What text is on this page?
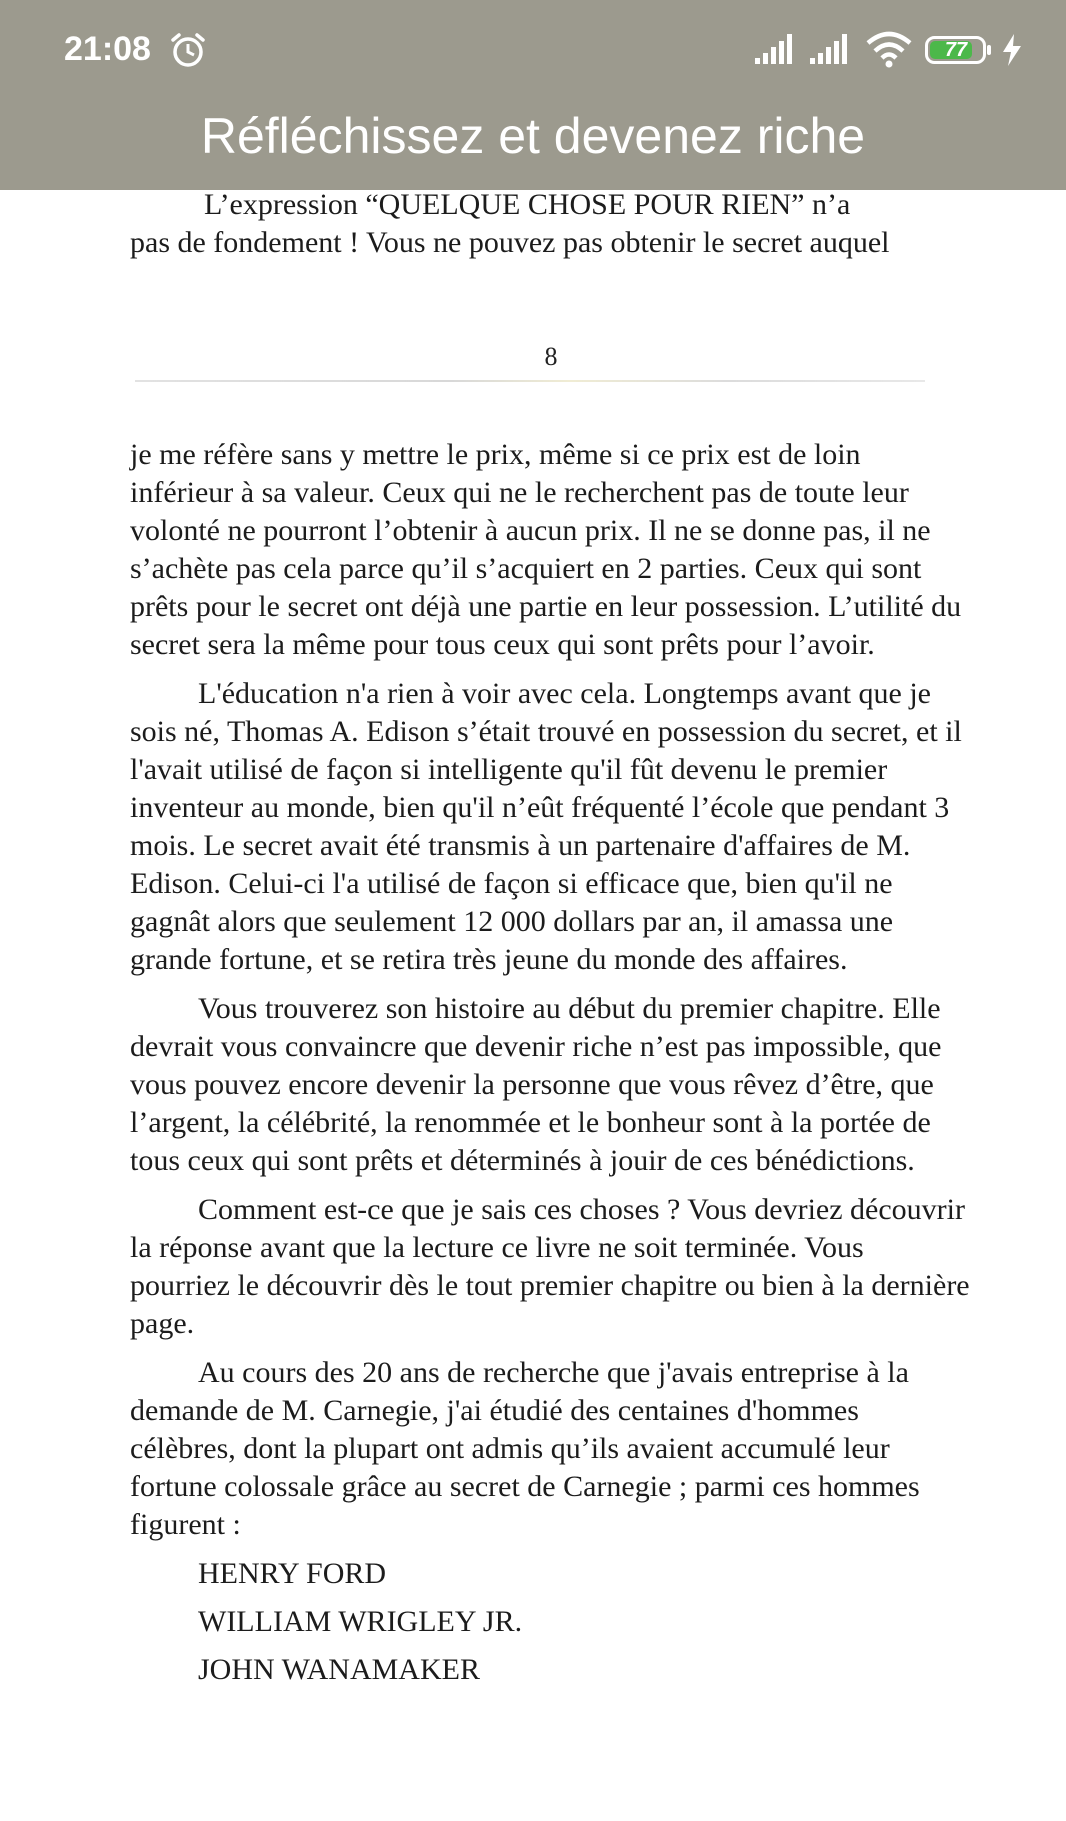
21:08	77
Réfléchissez et devenez riche
L’expression “QUELQUE CHOSE POUR RIEN” n’a
pas de fondement ! Vous ne pouvez pas obtenir le secret auquel
8

je me réfère sans y mettre le prix, même si ce prix est de loin inférieur à sa valeur. Ceux qui ne le recherchent pas de toute leur volonté ne pourront l’obtenir à aucun prix. Il ne se donne pas, il ne s’achète pas cela parce qu’il s’acquiert en 2 parties. Ceux qui sont prêts pour le secret ont déjà une partie en leur possession. L’utilité du secret sera la même pour tous ceux qui sont prêts pour l’avoir.

L'éducation n'a rien à voir avec cela. Longtemps avant que je sois né, Thomas A. Edison s’était trouvé en possession du secret, et il l'avait utilisé de façon si intelligente qu'il fût devenu le premier inventeur au monde, bien qu'il n’eût fréquenté l’école que pendant 3 mois. Le secret avait été transmis à un partenaire d'affaires de M. Edison. Celui-ci l'a utilisé de façon si efficace que, bien qu'il ne gagnât alors que seulement 12 000 dollars par an, il amassa une grande fortune, et se retira très jeune du monde des affaires.

Vous trouverez son histoire au début du premier chapitre. Elle devrait vous convaincre que devenir riche n’est pas impossible, que vous pouvez encore devenir la personne que vous rêvez d’être, que l’argent, la célébrité, la renommée et le bonheur sont à la portée de tous ceux qui sont prêts et déterminés à jouir de ces bénédictions.

Comment est-ce que je sais ces choses ? Vous devriez découvrir la réponse avant que la lecture ce livre ne soit terminée. Vous pourriez le découvrir dès le tout premier chapitre ou bien à la dernière page.

Au cours des 20 ans de recherche que j'avais entreprise à la demande de M. Carnegie, j'ai étudié des centaines d'hommes célèbres, dont la plupart ont admis qu’ils avaient accumulé leur fortune colossale grâce au secret de Carnegie ; parmi ces hommes figurent :

HENRY FORD

WILLIAM WRIGLEY JR.

JOHN WANAMAKER
